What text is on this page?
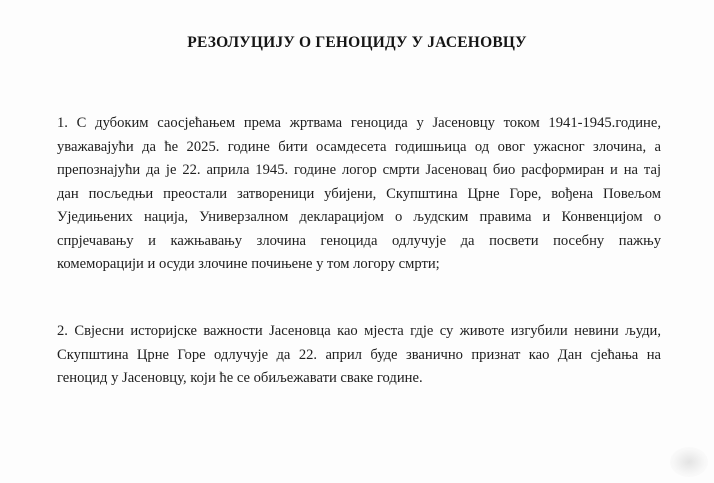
РЕЗОЛУЦИЈУ О ГЕНОЦИДУ У ЈАСЕНОВЦУ
1. С дубоким саосјећањем према жртвама геноцида у Јасеновцу током 1941-1945.године,
уважавајући да ће 2025. године бити осамдесета годишњица од овог ужасног злочина, а
препознајући да је 22. априла 1945. године логор смрти Јасеновац био расформиран и на тај
дан посљедњи преостали затвореници убијени, Скупштина Црне Горе, вођена Повељом
Уједињених нација, Универзалном декларацијом о људским правима и Конвенцијом о
спрјечавању и кажњавању злочина геноцида одлучује да посвети посебну пажњу
комеморацији и осуди злочине почињене у том логору смрти;
2. Свјесни историјске важности Јасеновца као мјеста гдје су животе изгубили невини људи,
Скупштина Црне Горе одлучује да 22. април буде званично признат као Дан сјећања на
геноцид у Јасеновцу, који ће се обиљежавати сваке године.
